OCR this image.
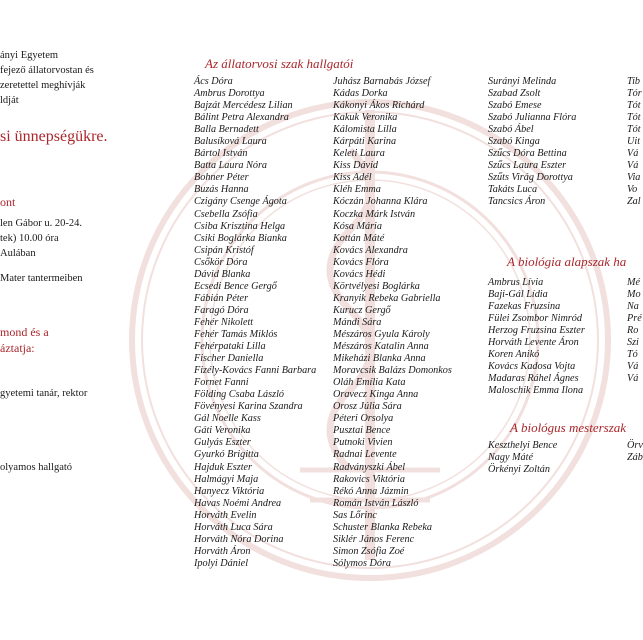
ányi Egyetem
fejező állatorvostan és
zeretettel meghívják
ldját
si ünnepségükre.
ont
len Gábor u. 20-24.
tek) 10.00 óra
Aulában
Mater tantermeiben
mond és a
áztatja:
gyetemi tanár, rektor
olyamos hallgató
Az állatorvosi szak hallgatói
A biológia alapszak ha
A biológus mesterszak
Ács Dóra
Ambrus Dorottya
Bajzát Mercédesz Lilian
Bálint Petra Alexandra
Balla Bernadett
Balusíková Laura
Bártol István
Batta Laura Nóra
Bohner Péter
Buzás Hanna
Czigány Csenge Ágota
Csebella Zsófia
Csiba Krisztina Helga
Csiki Boglárka Bianka
Csipán Kristóf
Csőkör Dóra
Dávid Blanka
Ecsedi Bence Gergő
Fábián Péter
Faragó Dóra
Fehér Nikolett
Fehér Tamás Miklós
Fehérpataki Lilla
Fischer Daniella
Fizély-Kovács Fanni Barbara
Fornet Fanni
Földing Csaba László
Fövényesi Karina Szandra
Gál Noelle Kass
Gáti Veronika
Gulyás Eszter
Gyurkó Brigitta
Hajduk Eszter
Halmágyi Maja
Hanyecz Viktória
Havas Noémi Andrea
Horváth Evelin
Horváth Luca Sára
Horváth Nóra Dorina
Horváth Áron
Ipolyi Dániel
Juhász Barnabás József
Kádas Dorka
Kákonyi Ákos Richárd
Kakuk Veronika
Kálomista Lilla
Kárpáti Karina
Keleti Laura
Kiss Dávid
Kiss Adél
Kléh Emma
Kóczán Johanna Klára
Koczka Márk István
Kósa Mária
Kottán Máté
Kovács Alexandra
Kovács Flóra
Kovács Hédi
Körtvélyesi Boglárka
Kranyik Rebeka Gabriella
Kurucz Gergő
Mándi Sára
Mészáros Gyula Károly
Mészáros Katalin Anna
Mikeházi Blanka Anna
Moravcsik Balázs Domonkos
Oláh Emília Kata
Oravecz Kinga Anna
Orosz Júlia Sára
Péteri Orsolya
Pusztai Bence
Putnoki Vivien
Radnai Levente
Radványszki Ábel
Rakovics Viktória
Rékó Anna Jázmin
Román István László
Sas Lőrinc
Schuster Blanka Rebeka
Siklér János Ferenc
Simon Zsófia Zoé
Sólymos Dóra
Surányi Melinda
Szabad Zsolt
Szabó Emese
Szabó Julianna Flóra
Szabó Ábel
Szabó Kinga
Szűcs Dóra Bettina
Szűcs Laura Eszter
Szűts Virág Dorottya
Takáts Luca
Tancsics Áron
Tib
Tór
Tót
Tót
Tót
Uit
Vá
Vá
Via
Vo
Zal
Ambrus Lívia
Baji-Gál Lídia
Fazekas Fruzsina
Fülei Zsombor Nimród
Herzog Fruzsina Eszter
Horváth Levente Áron
Koren Anikó
Kovács Kadosa Vojta
Madaras Ráhel Ágnes
Maloschik Emma Ilona
Mé
Mo
Na
Pré
Ro
Szi
Tó
Vá
Vá
Keszthelyi Bence
Nagy Máté
Örkényi Zoltán
Örv
Záb
